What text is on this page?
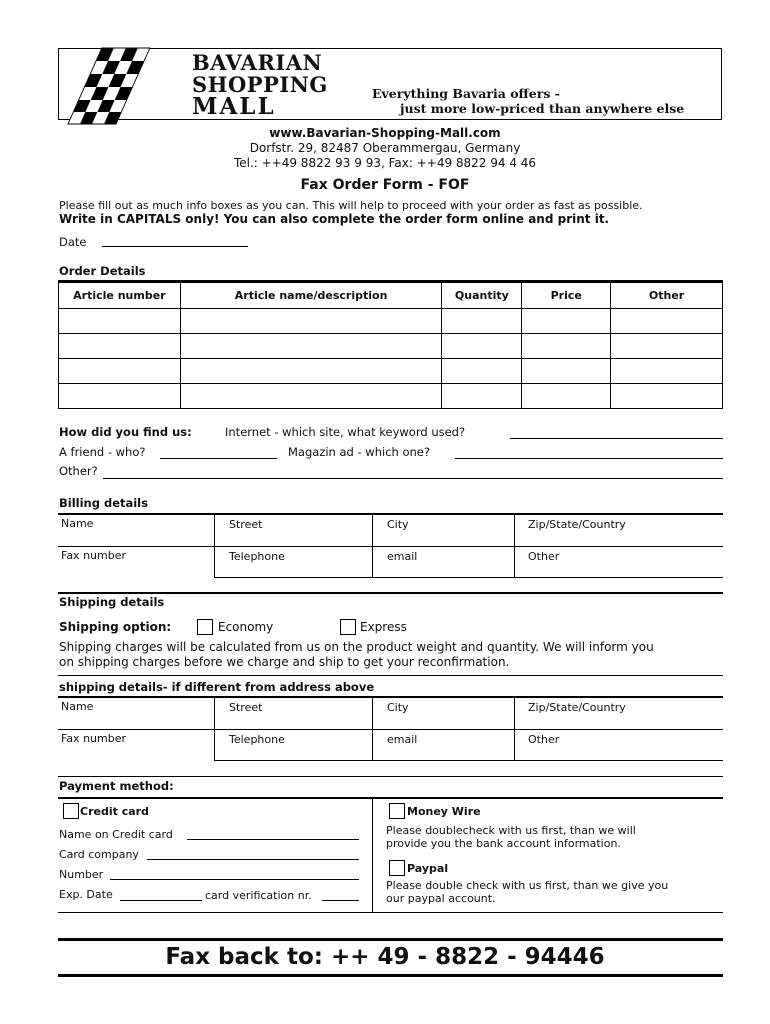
BAVARIAN
SHOPPING
MALL	Everything Bavaria offers -
just more low-priced than anywhere else
www.Bavarian-Shopping-Mall.com
Dorfstr. 29, 82487 Oberammergau, Germany
Tel.: ++49 8822 93 9 93, Fax: ++49 8822 94 4 46
Fax Order Form - FOF
Please fill out as much info boxes as you can. This will help to proceed with your order as fast as possible.
Write in CAPITALS only! You can also complete the order form online and print it.
Date
Order Details
Article number	Article name/description	Quantity	Price	Other

How did you find us:	Internet - which site, what keyword used?
A friend - who?	Magazin ad - which one?
Other?
Billing details
Name	Street	City	Zip/State/Country
Fax number	Telephone	email	Other
Shipping details
Shipping option:	Economy	Express
Shipping charges will be calculated from us on the product weight and quantity. We will inform you
on shipping charges before we charge and ship to get your reconfirmation.
shipping details- if different from address above
Name	Street	City	Zip/State/Country
Fax number	Telephone	email	Other
Payment method:
Credit card
Name on Credit card
Card company
Number
Exp. Date	card verification nr.
Money Wire
Please doublecheck with us first, than we will
provide you the bank account information.
Paypal
Please double check with us first, than we give you
our paypal account.
Fax back to: ++ 49 - 8822 - 94446
